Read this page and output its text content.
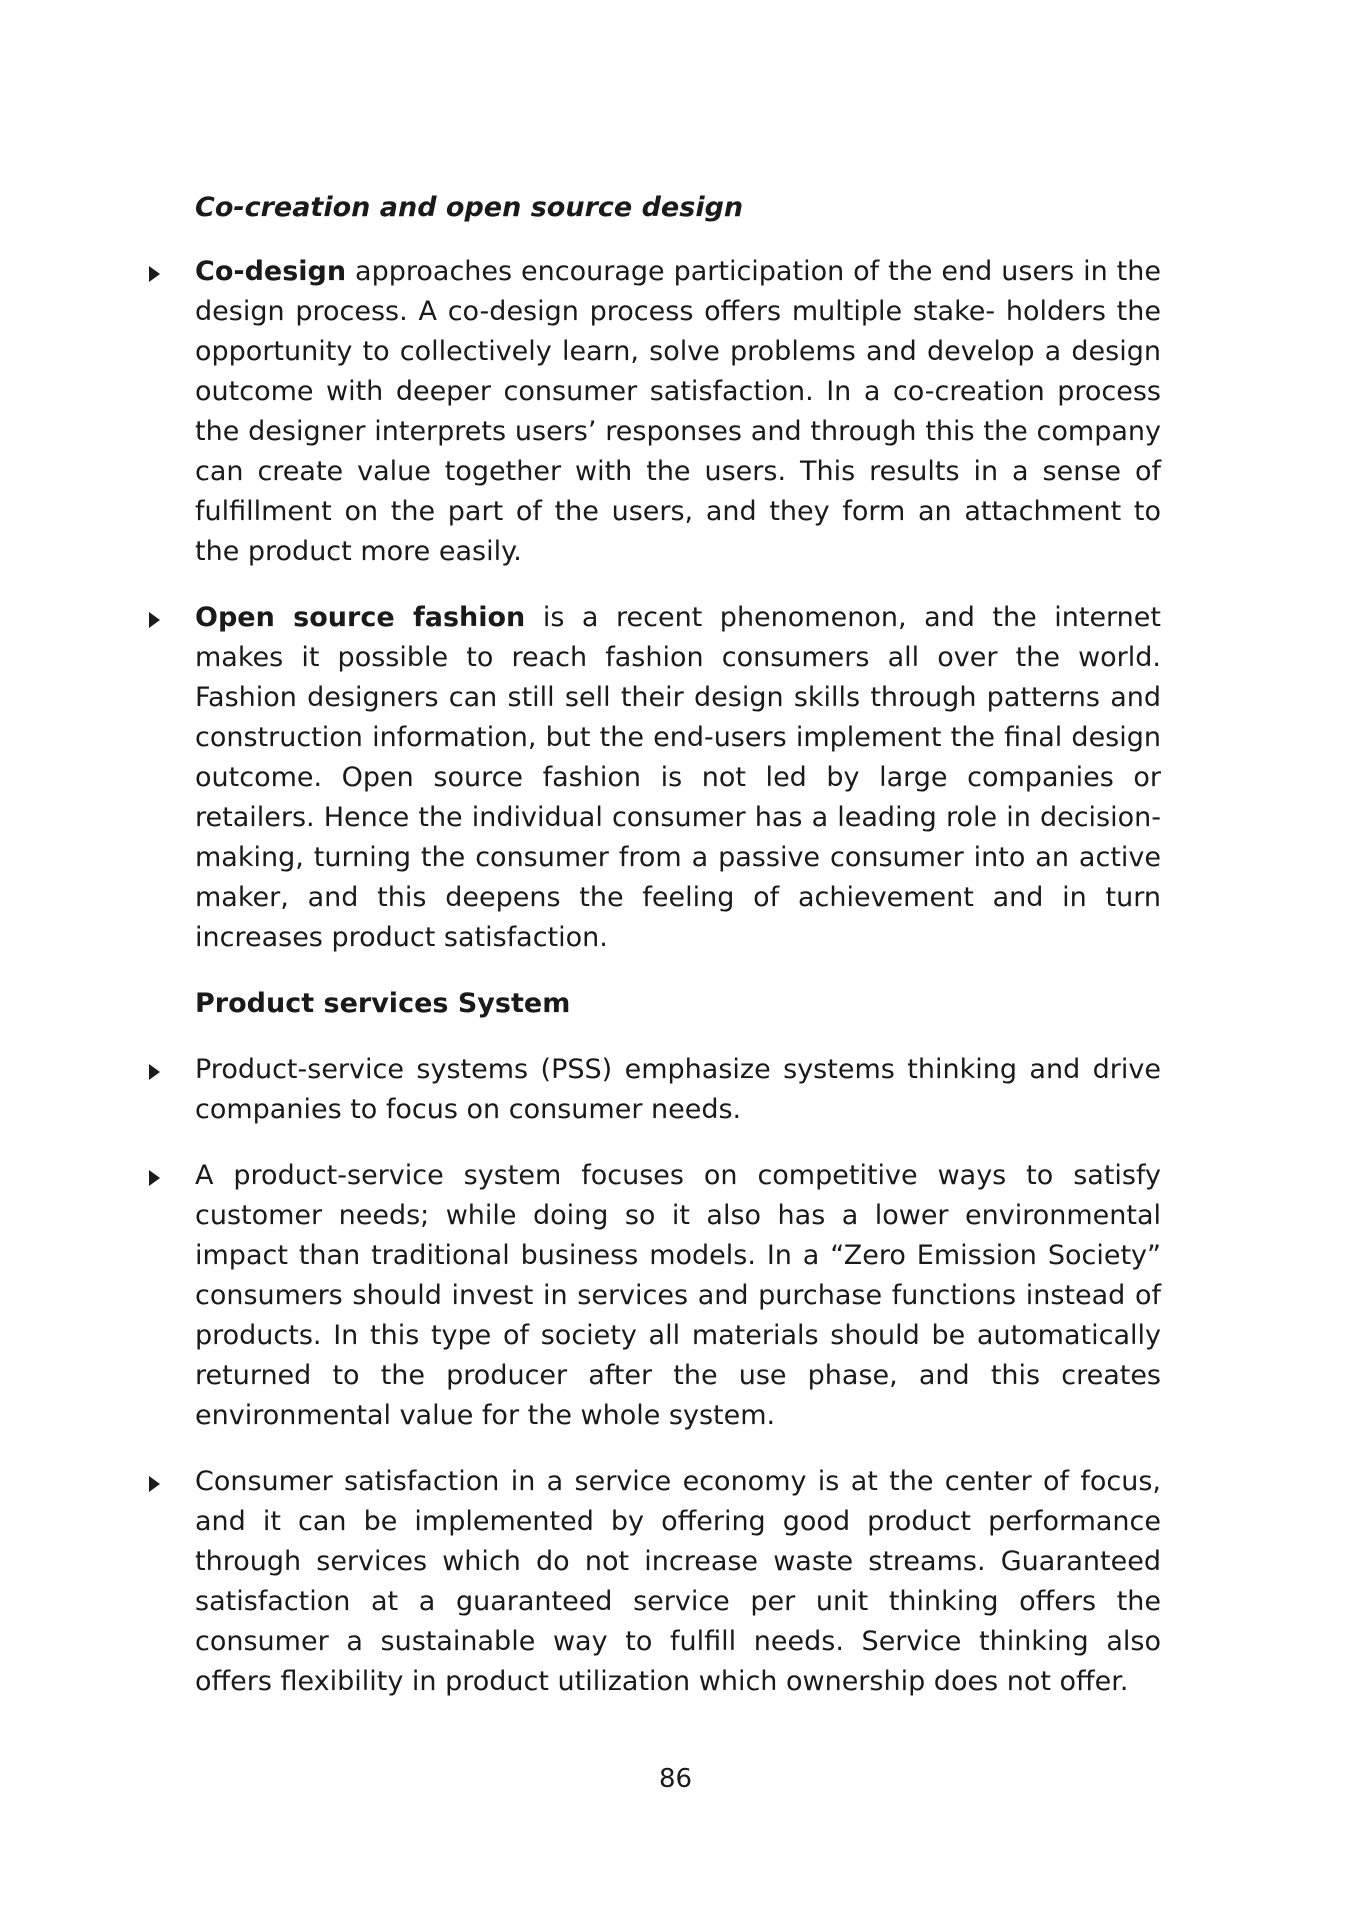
Co-creation and open source design

Co-design approaches encourage participation of the end users in the design process. A co-design process offers multiple stake- holders the opportunity to collectively learn, solve problems and develop a design outcome with deeper consumer satisfaction. In a co-creation process the designer interprets users’ responses and through this the company can create value together with the users. This results in a sense of fulfillment on the part of the users, and they form an attachment to the product more easily.

Open source fashion is a recent phenomenon, and the internet makes it possible to reach fashion consumers all over the world. Fashion designers can still sell their design skills through patterns and construction information, but the end-users implement the final design outcome. Open source fashion is not led by large companies or retailers. Hence the individual consumer has a leading role in decision-making, turning the consumer from a passive consumer into an active maker, and this deepens the feeling of achievement and in turn increases product satisfaction.

Product services System

Product-service systems (PSS) emphasize systems thinking and drive companies to focus on consumer needs.

A product-service system focuses on competitive ways to satisfy customer needs; while doing so it also has a lower environmental impact than traditional business models. In a “Zero Emission Society” consumers should invest in services and purchase functions instead of products. In this type of society all materials should be automatically returned to the producer after the use phase, and this creates environmental value for the whole system.

Consumer satisfaction in a service economy is at the center of focus, and it can be implemented by offering good product performance through services which do not increase waste streams. Guaranteed satisfaction at a guaranteed service per unit thinking offers the consumer a sustainable way to fulfill needs. Service thinking also offers flexibility in product utilization which ownership does not offer.

86
